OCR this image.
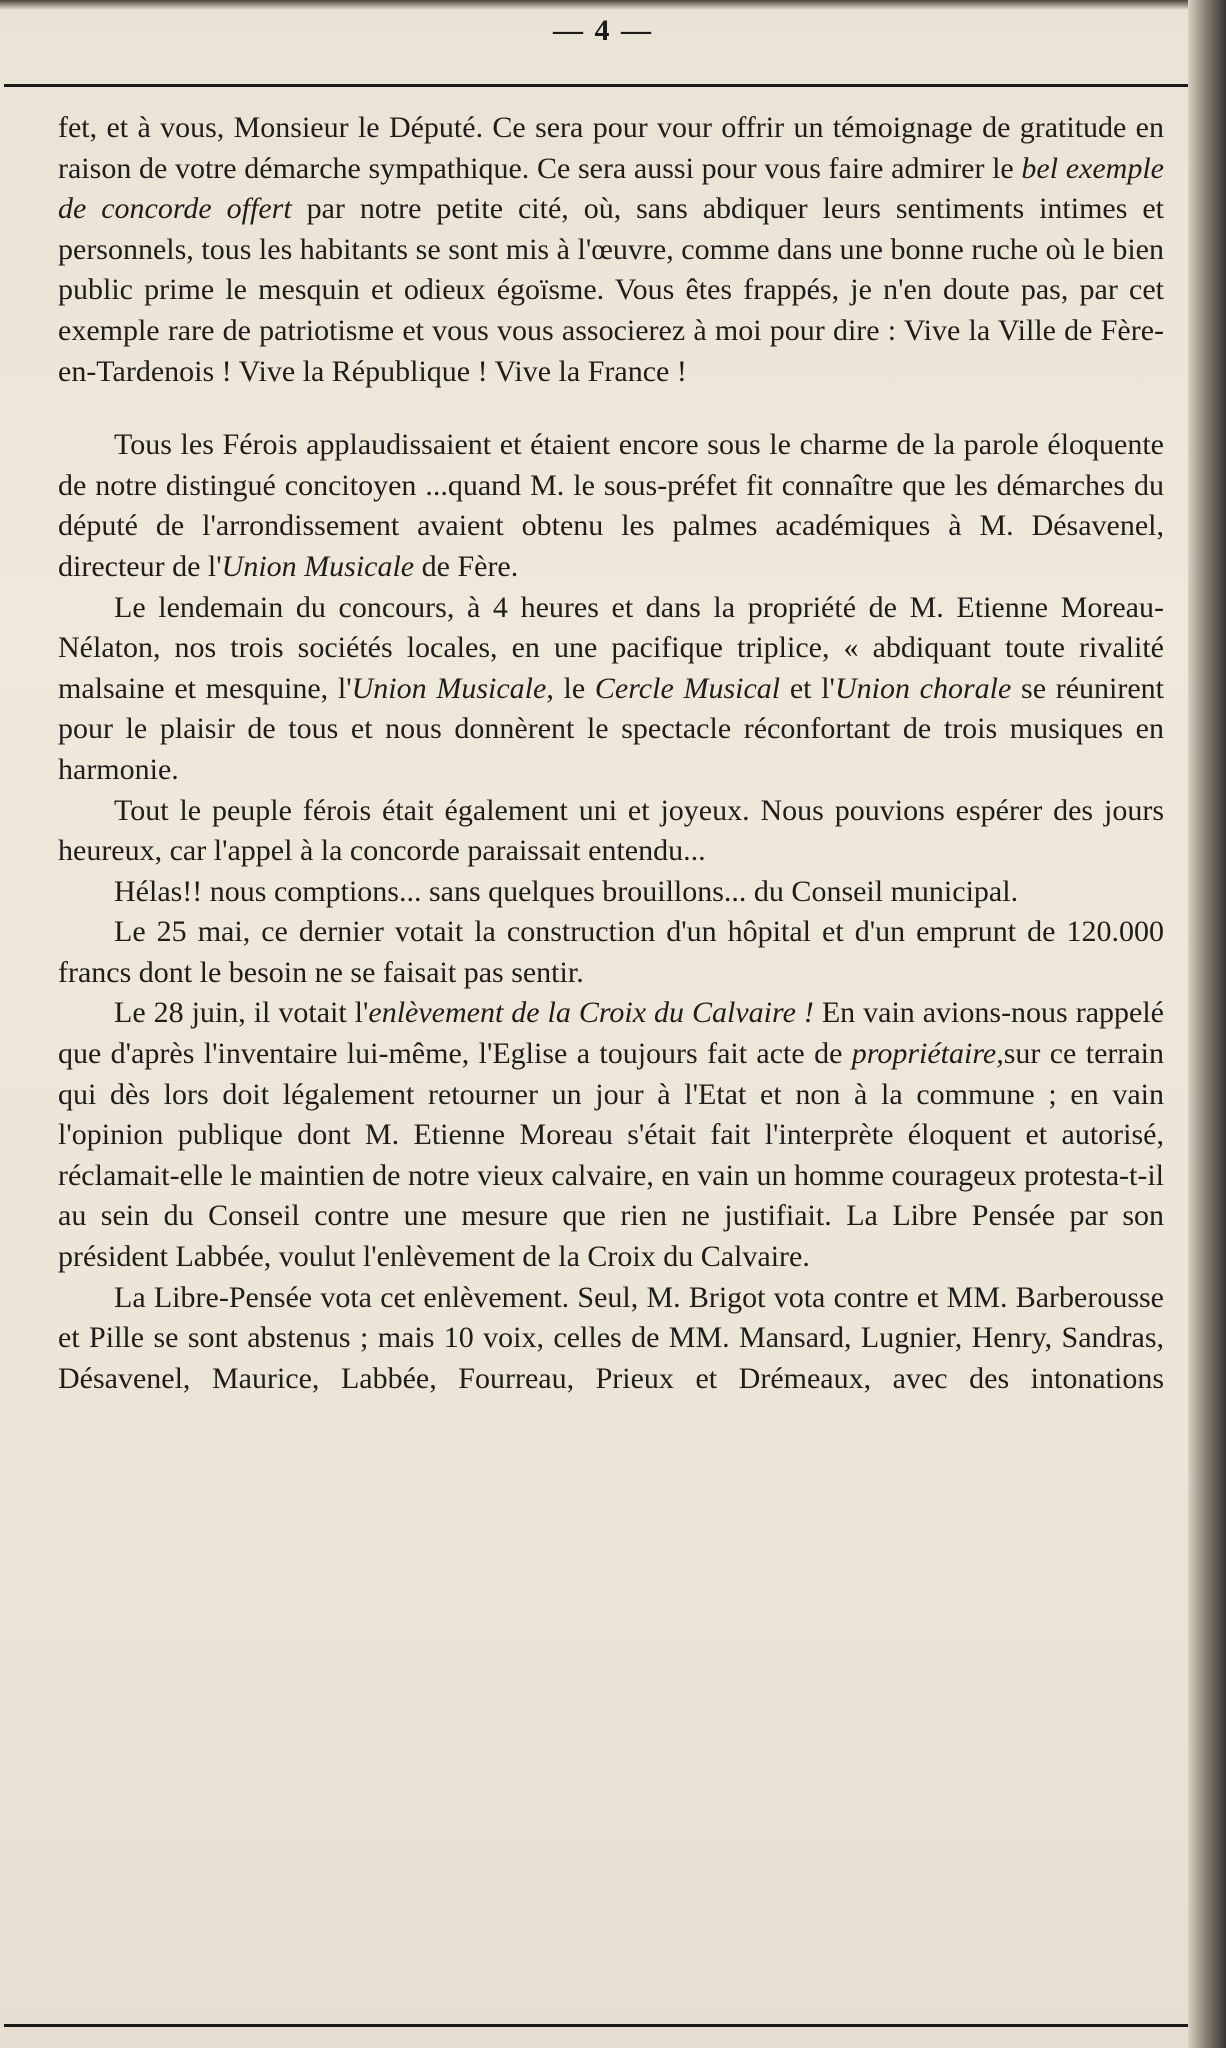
— 4 —

fet, et à vous, Monsieur le Député. Ce sera pour vour offrir un témoignage de gratitude en raison de votre démarche sympathique. Ce sera aussi pour vous faire admirer le bel exemple de concorde offert par notre petite cité, où, sans abdiquer leurs sentiments intimes et personnels, tous les habitants se sont mis à l'œuvre, comme dans une bonne ruche où le bien public prime le mesquin et odieux égoïsme. Vous êtes frappés, je n'en doute pas, par cet exemple rare de patriotisme et vous vous associerez à moi pour dire : Vive la Ville de Fère-en-Tardenois ! Vive la République ! Vive la France !

Tous les Férois applaudissaient et étaient encore sous le charme de la parole éloquente de notre distingué concitoyen ...quand M. le sous-préfet fit connaître que les démarches du député de l'arrondissement avaient obtenu les palmes académiques à M. Désavenel, directeur de l'Union Musicale de Fère.

Le lendemain du concours, à 4 heures et dans la propriété de M. Etienne Moreau-Nélaton, nos trois sociétés locales, en une pacifique triplice, « abdiquant toute rivalité malsaine et mesquine, l'Union Musicale, le Cercle Musical et l'Union chorale se réunirent pour le plaisir de tous et nous donnèrent le spectacle réconfortant de trois musiques en harmonie.

Tout le peuple férois était également uni et joyeux. Nous pouvions espérer des jours heureux, car l'appel à la concorde paraissait entendu...

Hélas!! nous comptions... sans quelques brouillons... du Conseil municipal.

Le 25 mai, ce dernier votait la construction d'un hôpital et d'un emprunt de 120.000 francs dont le besoin ne se faisait pas sentir.

Le 28 juin, il votait l'enlèvement de la Croix du Calvaire ! En vain avions-nous rappelé que d'après l'inventaire lui-même, l'Eglise a toujours fait acte de propriétaire,sur ce terrain qui dès lors doit légalement retourner un jour à l'Etat et non à la commune ; en vain l'opinion publique dont M. Etienne Moreau s'était fait l'interprète éloquent et autorisé, réclamait-elle le maintien de notre vieux calvaire, en vain un homme courageux protesta-t-il au sein du Conseil contre une mesure que rien ne justifiait. La Libre Pensée par son président Labbée, voulut l'enlèvement de la Croix du Calvaire.

La Libre-Pensée vota cet enlèvement. Seul, M. Brigot vota contre et MM. Barberousse et Pille se sont abstenus ; mais 10 voix, celles de MM. Mansard, Lugnier, Henry, Sandras, Désavenel, Maurice, Labbée, Fourreau, Prieux et Drémeaux, avec des intonations
